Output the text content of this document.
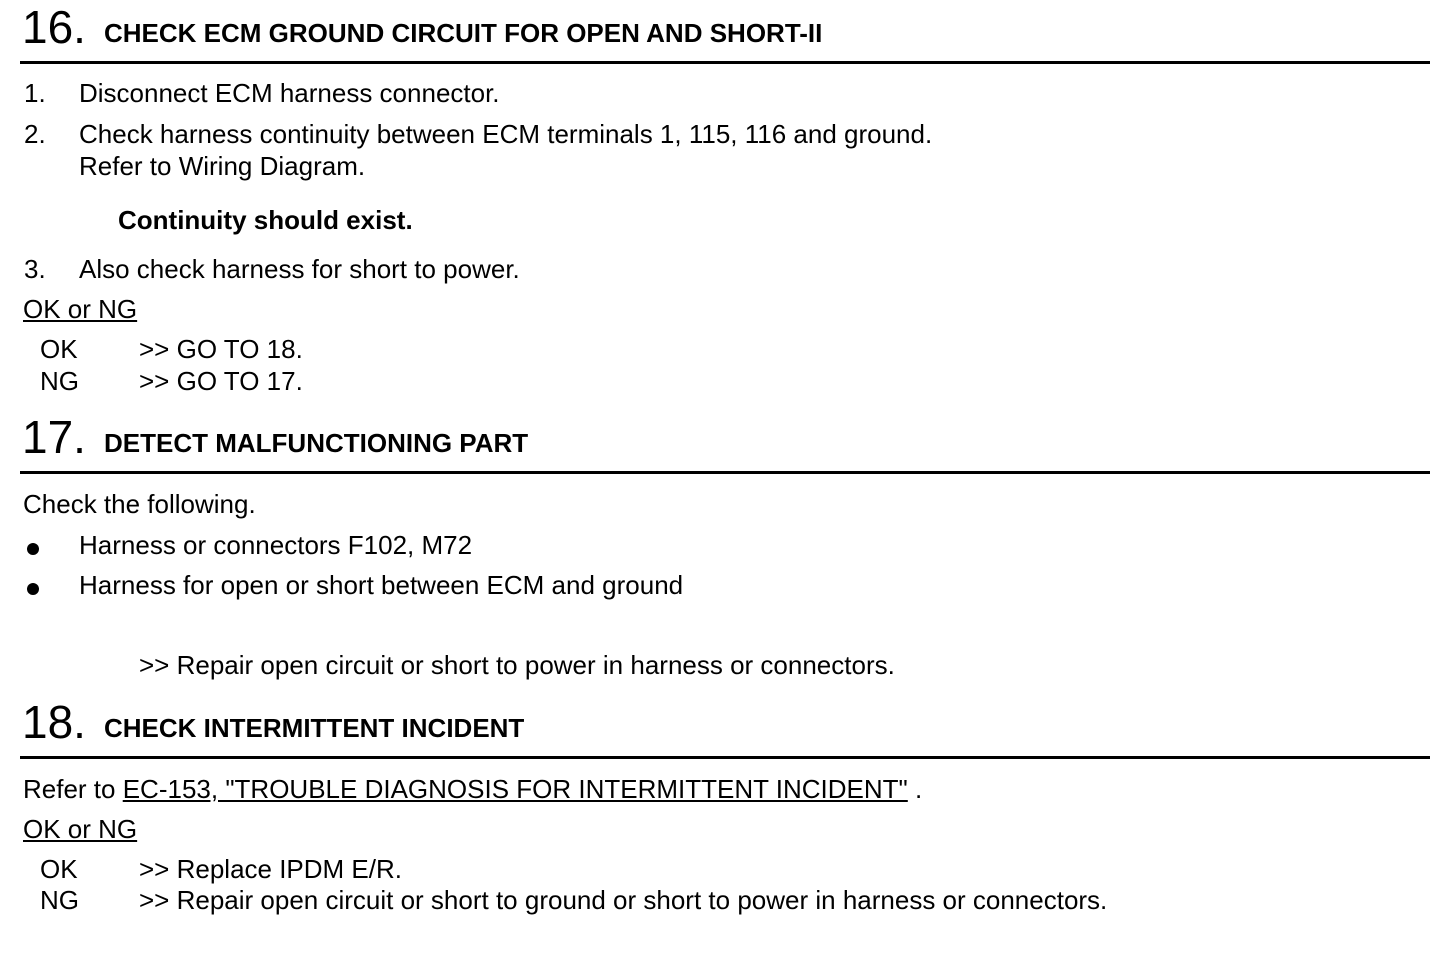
16. CHECK ECM GROUND CIRCUIT FOR OPEN AND SHORT-II
1. Disconnect ECM harness connector.
2. Check harness continuity between ECM terminals 1, 115, 116 and ground.
Refer to Wiring Diagram.
Continuity should exist.
3. Also check harness for short to power.
OK or NG
OK >> GO TO 18.
NG >> GO TO 17.
17. DETECT MALFUNCTIONING PART
Check the following.
Harness or connectors F102, M72
Harness for open or short between ECM and ground
>> Repair open circuit or short to power in harness or connectors.
18. CHECK INTERMITTENT INCIDENT
Refer to EC-153, "TROUBLE DIAGNOSIS FOR INTERMITTENT INCIDENT" .
OK or NG
OK >> Replace IPDM E/R.
NG >> Repair open circuit or short to ground or short to power in harness or connectors.
